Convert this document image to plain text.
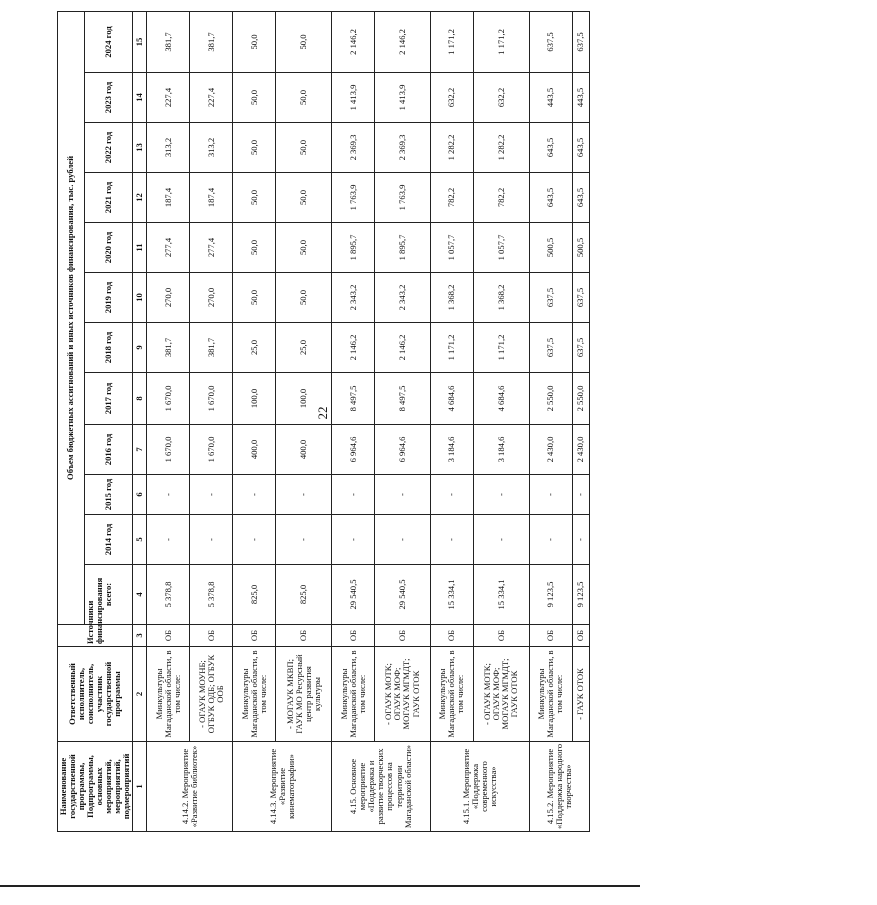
22
Наименование государственной программы, Подпрограммы, основных мероприятий, мероприятий, подмероприятий	Ответственный исполнитель, соисполнитель, участник государственной программы	Источники финансирования	Объем бюджетных ассигнований и иных источников финансирования, тыс. рублей											
			всего:	2014 год	2015 год	2016 год	2017 год	2018 год	2019 год	2020 год	2021 год	2022 год	2023 год	2024 год
1	2	3	4	5	6	7	8	9	10	11	12	13	14	15
4.14.2. Мероприятие «Развитие библиотек»	Минкультуры Магаданской области, в том числе:	ОБ	5 378,8	-	-	1 670,0	1 670,0	381,7	270,0	277,4	187,4	313,2	227,4	381,7
	- ОГАУК МОУНБ; ОГБУК ОДБ; ОГБУК ООБ	ОБ	5 378,8	-	-	1 670,0	1 670,0	381,7	270,0	277,4	187,4	313,2	227,4	381,7
4.14.3. Мероприятие «Развитие кинематографии»	Минкультуры Магаданской области, в том числе:	ОБ	825,0	-	-	400,0	100,0	25,0	50,0	50,0	50,0	50,0	50,0	50,0
	- МОГАУК МКВП; ГАУК МО Ресурсный центр развития культуры	ОБ	825,0	-	-	400,0	100,0	25,0	50,0	50,0	50,0	50,0	50,0	50,0
4.15. Основное мероприятие «Поддержка и развитие творческих процессов на территории Магаданской области»	Минкультуры Магаданской области, в том числе:	ОБ	29 540,5	-	-	6 964,6	8 497,5	2 146,2	2 343,2	1 895,7	1 763,9	2 369,3	1 413,9	2 146,2
	- ОГАУК МОТК; ОГАУК МОФ; МОГАУК МГМДТ; ГАУК ОТОК	ОБ	29 540,5	-	-	6 964,6	8 497,5	2 146,2	2 343,2	1 895,7	1 763,9	2 369,3	1 413,9	2 146,2
4.15.1. Мероприятие «Поддержка современного искусства»	Минкультуры Магаданской области, в том числе:	ОБ	15 334,1	-	-	3 184,6	4 684,6	1 171,2	1 368,2	1 057,7	782,2	1 282,2	632,2	1 171,2
	- ОГАУК МОТК; ОГАУК МОФ; МОГАУК МГМДТ; ГАУК ОТОК	ОБ	15 334,1	-	-	3 184,6	4 684,6	1 171,2	1 368,2	1 057,7	782,2	1 282,2	632,2	1 171,2
4.15.2. Мероприятие «Поддержка народного творчества»	Минкультуры Магаданской области, в том числе:	ОБ	9 123,5	-	-	2 430,0	2 550,0	637,5	637,5	500,5	643,5	643,5	443,5	637,5
	- ГАУК ОТОК	ОБ	9 123,5	-	-	2 430,0	2 550,0	637,5	637,5	500,5	643,5	643,5	443,5	637,5
